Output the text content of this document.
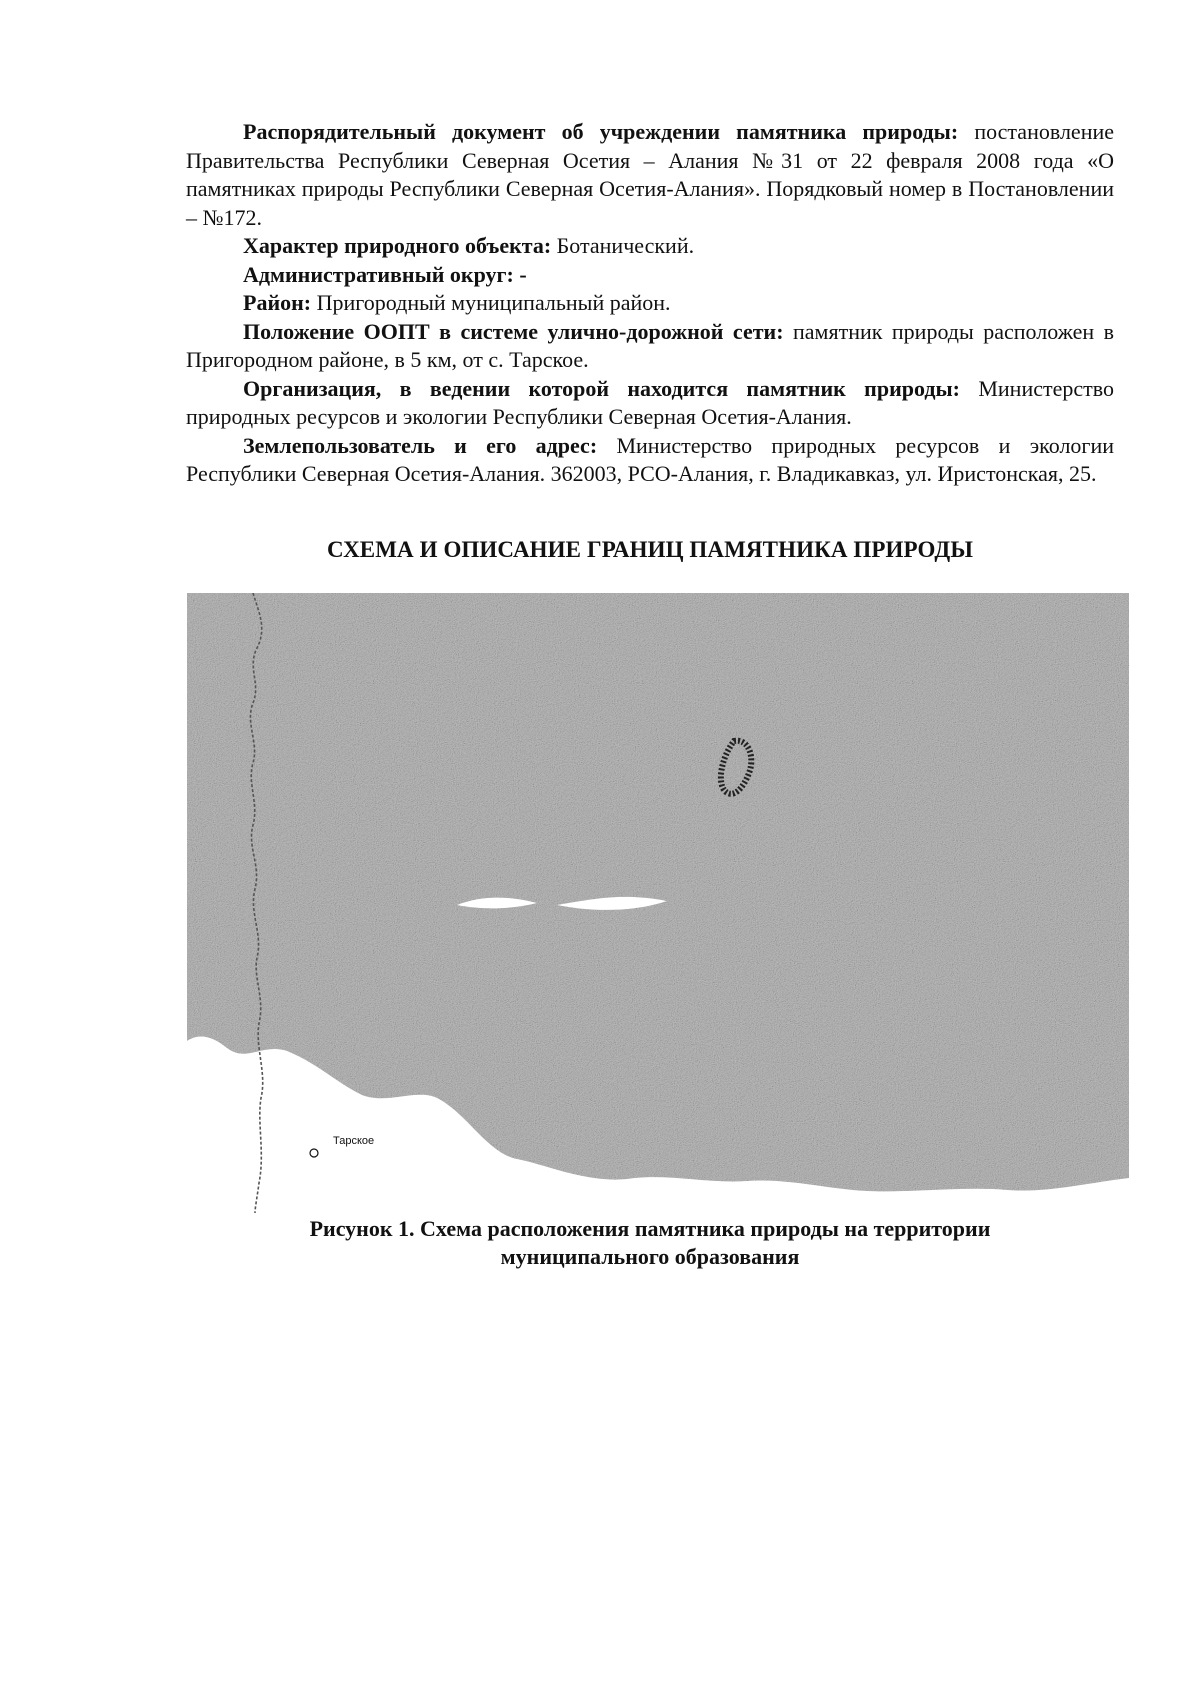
Распорядительный документ об учреждении памятника природы: постановление Правительства Республики Северная Осетия – Алания №31 от 22 февраля 2008 года «О памятниках природы Республики Северная Осетия-Алания». Порядковый номер в Постановлении – №172.

Характер природного объекта: Ботанический.

Административный округ: -

Район: Пригородный муниципальный район.

Положение ООПТ в системе улично-дорожной сети: памятник природы расположен в Пригородном районе, в 5 км, от с. Тарское.

Организация, в ведении которой находится памятник природы: Министерство природных ресурсов и экологии Республики Северная Осетия-Алания.

Землепользователь и его адрес: Министерство природных ресурсов и экологии Республики Северная Осетия-Алания. 362003, РСО-Алания, г. Владикавказ, ул. Иристонская, 25.

СХЕМА И ОПИСАНИЕ ГРАНИЦ ПАМЯТНИКА ПРИРОДЫ
Тарское
Рисунок 1. Схема расположения памятника природы на территории
муниципального образования
